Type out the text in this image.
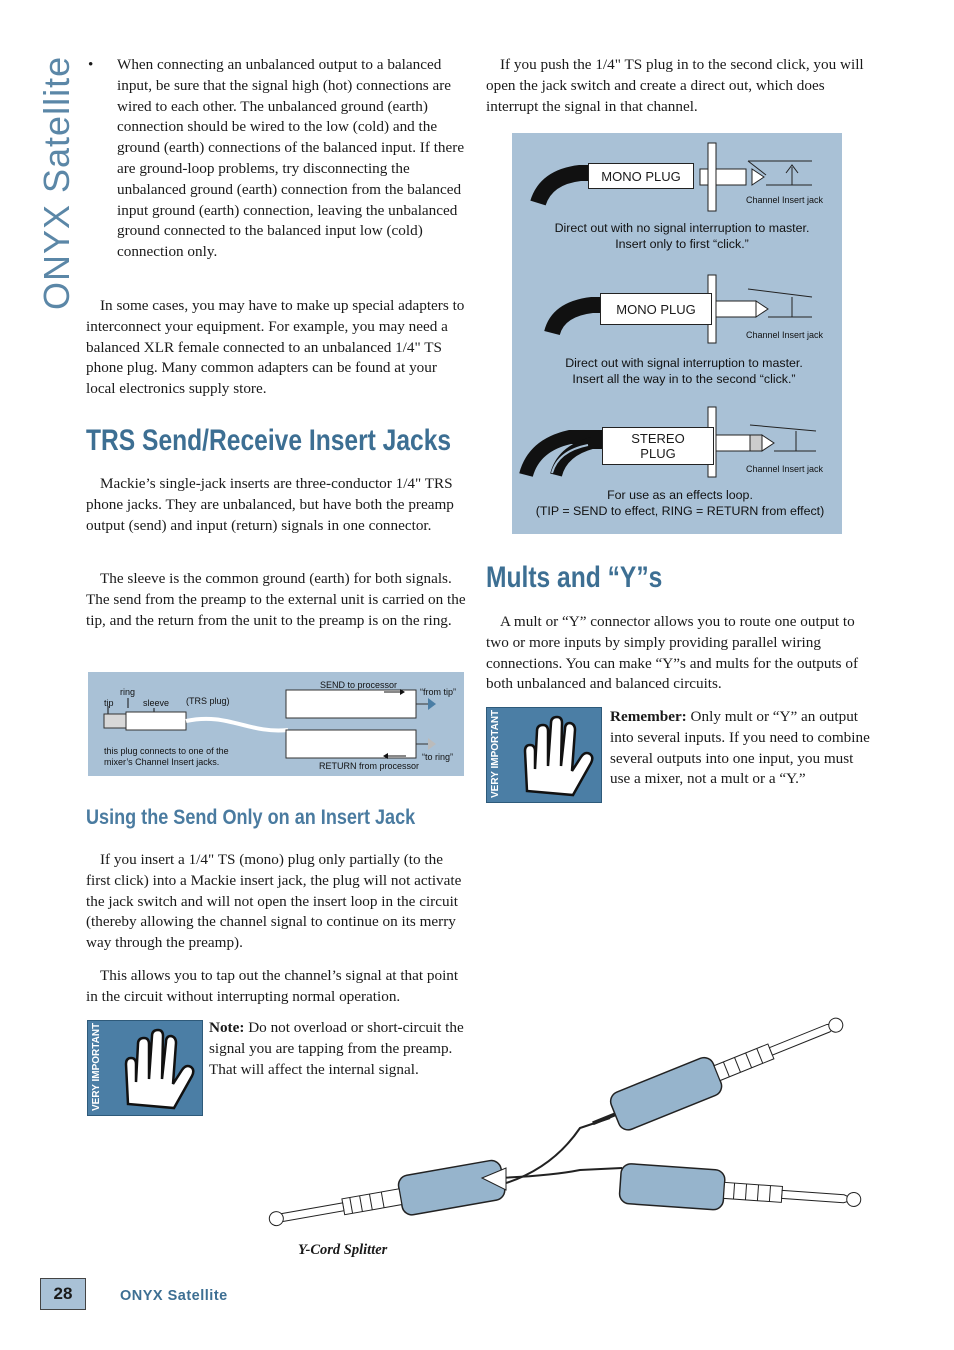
ONYX Satellite • When connecting an unbalanced output to a balanced input, be sure that the signal high (hot) connections are wired to each other. The unbalanced ground (earth) connection should be wired to the low (cold) and the ground (earth) connections of the balanced input. If there are ground-loop problems, try disconnecting the unbalanced ground (earth) connection from the balanced input ground (earth) connection, leaving the unbalanced ground connected to the balanced input low (cold) connection only.

In some cases, you may have to make up special adapters to interconnect your equipment. For example, you may need a balanced XLR female connected to an unbalanced 1/4" TS phone plug. Many common adapters can be found at your local electronics supply store.

TRS Send/Receive Insert Jacks

Mackie’s single-jack inserts are three-conductor 1/4" TRS phone jacks. They are unbalanced, but have both the preamp output (send) and input (return) signals in one connector.

The sleeve is the common ground (earth) for both signals. The send from the preamp to the external unit is carried on the tip, and the return from the unit to the preamp is on the ring.

ring
tip	sleeve (TRS plug)
SEND to processor
“from tip”
“to ring”
RETURN from processor
this plug connects to one of the mixer’s Channel Insert jacks.
Using the Send Only on an Insert Jack

If you insert a 1/4" TS (mono) plug only partially (to the first click) into a Mackie insert jack, the plug will not activate the jack switch and will not open the insert loop in the circuit (thereby allowing the channel signal to continue on its merry way through the preamp).

This allows you to tap out the channel’s signal at that point in the circuit without interrupting normal operation.

VERY IMPORTANT	Note: Do not overload or short-circuit the signal you are tapping from the preamp. That will affect the internal signal.

If you push the 1/4" TS plug in to the second click, you will open the jack switch and create a direct out, which does interrupt the signal in that channel.

MONO PLUG
Channel Insert jack
Direct out with no signal interruption to master.
Insert only to first “click.”
MONO PLUG
Channel Insert jack
Direct out with signal interruption to master.
Insert all the way in to the second “click.”
STEREO
PLUG
Channel Insert jack
For use as an effects loop.
(TIP = SEND to effect, RING = RETURN from effect)
Mults and “Y”s

A mult or “Y” connector allows you to route one output to two or more inputs by simply providing parallel wiring connections. You can make “Y”s and mults for the outputs of both unbalanced and balanced circuits.

VERY IMPORTANT	Remember: Only mult or “Y” an output into several inputs. If you need to combine several outputs into one input, you must use a mixer, not a mult or a “Y.”

Y-Cord Splitter
28	ONYX Satellite
